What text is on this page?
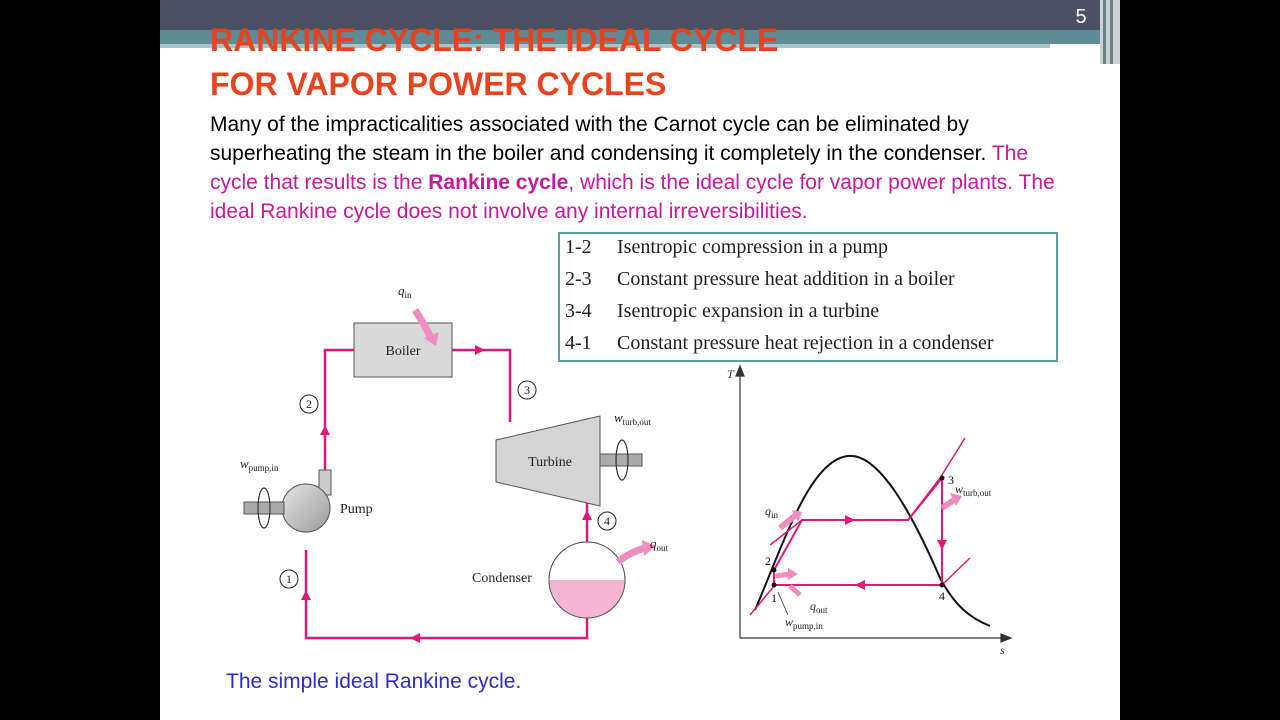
5
RANKINE CYCLE: THE IDEAL CYCLE
FOR VAPOR POWER CYCLES
Many of the impracticalities associated with the Carnot cycle can be eliminated by superheating the steam in the boiler and condensing it completely in the condenser. The cycle that results is the Rankine cycle, which is the ideal cycle for vapor power plants. The ideal Rankine cycle does not involve any internal irreversibilities.
1-2 Isentropic compression in a pump
2-3 Constant pressure heat addition in a boiler
3-4 Isentropic expansion in a turbine
4-1 Constant pressure heat rejection in a condenser
Boiler
$q_{in}$
Turbine
$w_{turb,out}$
Pump
$w_{pump,in}$
Condenser
$q_{out}$
1
2
3
4
T
s
1
2
3
4
$q_{in}$
$w_{turb,out}$
$q_{out}$
$w_{pump,in}$
The simple ideal Rankine cycle.
